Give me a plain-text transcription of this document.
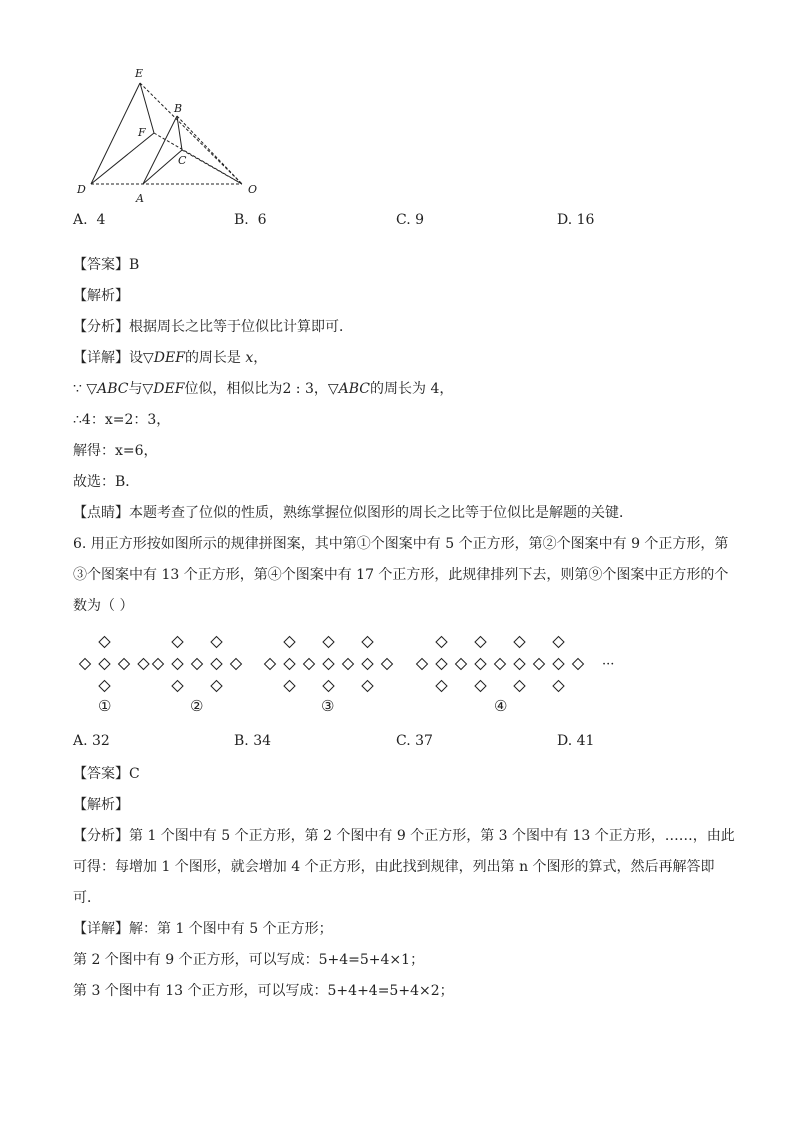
E
B
F
C
D
A
O
A. 4	B. 6	C. 9	D. 16
【答案】B
【解析】
【分析】根据周长之比等于位似比计算即可．
【详解】设▽DEF的周长是 x，
∵ ▽ABC与▽DEF位似，相似比为2 : 3，▽ABC的周长为 4，
∴4：x=2：3，
解得：x=6，
故选：B．
【点睛】本题考查了位似的性质，熟练掌握位似图形的周长之比等于位似比是解题的关键．
6. 用正方形按如图所示的规律拼图案，其中第①个图案中有 5 个正方形，第②个图案中有 9 个正方形，第
③个图案中有 13 个正方形，第④个图案中有 17 个正方形，此规律排列下去，则第⑨个图案中正方形的个
数为（ ）
①	②	③	④
···
A. 32	B. 34	C. 37	D. 41
【答案】C
【解析】
【分析】第 1 个图中有 5 个正方形，第 2 个图中有 9 个正方形，第 3 个图中有 13 个正方形，……，由此
可得：每增加 1 个图形，就会增加 4 个正方形，由此找到规律，列出第 n 个图形的算式，然后再解答即
可．
【详解】解：第 1 个图中有 5 个正方形；
第 2 个图中有 9 个正方形，可以写成：5+4=5+4×1；
第 3 个图中有 13 个正方形，可以写成：5+4+4=5+4×2；
